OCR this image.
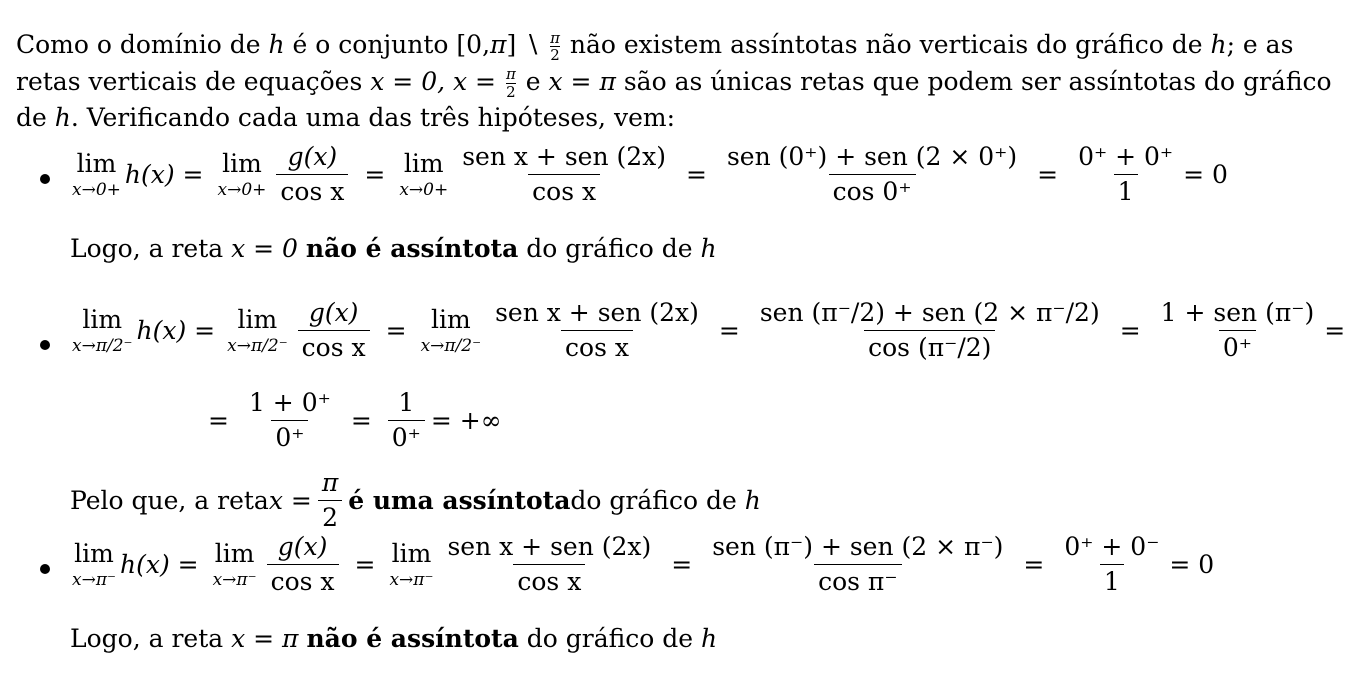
Como o domínio de h é o conjunto [0,π] ∖ $\frac{\pi}{2}$ não existem assíntotas não verticais do gráfico de h; e as retas verticais de equações x = 0, $x = \frac{\pi}{2}$ e x = π são as únicas retas que podem ser assíntotas do gráfico de h. Verificando cada uma das três hipóteses, vem:
lim
x→0+
h(x) = lim
$x\to 0+ \frac{g(x)}{\text{cos x}} = \lim$
$x\to 0+ \frac{\text{sen x + sen (2x)}}{\text{cos x}} = \frac{\text{sen (0⁺) + sen (2 × 0⁺)}}{\cos 0^+} = \frac{0^+ + 0^+}{1} = 0$
Logo, a reta x = 0 não é assíntota do gráfico de h
lim
x→π/2⁻
h(x) = lim
$x\to\pi/2^- \frac{g(x)}{\text{cos x}} = \lim$
$x\to\pi/2^- \frac{\text{sen x + sen (2x)}}{\text{cos x}} = \frac{\text{sen (π⁻/2) + sen (2 × π⁻/2)}}{\cos (\pi^-/2)} = \frac{\text{1 + sen (π⁻)}}{0^+}$ =
= $\frac{1 + 0^+}{0^+} = \frac{1}{0^+}$ = +∞
Pelo que, a reta $x = \frac{\pi}{2}$ é uma assíntota do gráfico de
h
lim
x→π⁻
h(x) = lim
$x\to\pi^- \frac{g(x)}{\text{cos x}} = \lim$
$x\to\pi^- \frac{\text{sen x + sen (2x)}}{\text{cos x}} = \frac{\text{sen (π⁻) + sen (2 × π⁻)}}{\text{cos π⁻}} = \frac{0^+ + 0^-}{1} = 0$
Logo, a reta x = π não é assíntota do gráfico de h
